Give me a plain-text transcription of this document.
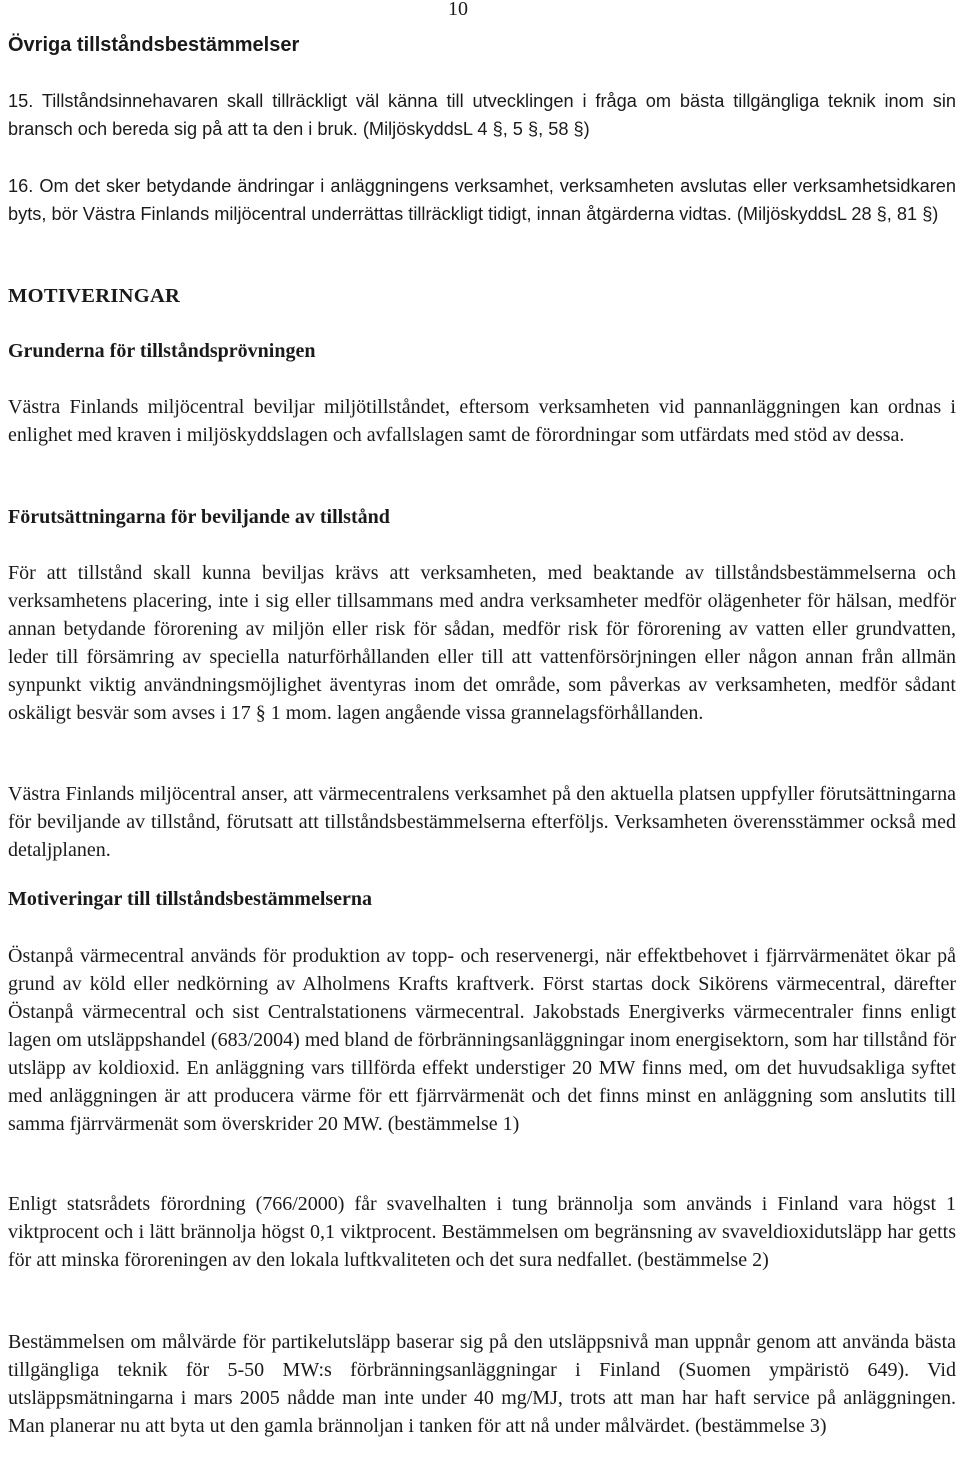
10
Övriga tillståndsbestämmelser
15. Tillståndsinnehavaren skall tillräckligt väl känna till utvecklingen i fråga om bästa tillgängliga teknik inom sin bransch och bereda sig på att ta den i bruk. (MiljöskyddsL 4 §, 5 §, 58 §)
16. Om det sker betydande ändringar i anläggningens verksamhet, verksamheten avslutas eller verksamhetsidkaren byts, bör Västra Finlands miljöcentral underrättas tillräckligt tidigt, innan åtgärderna vidtas. (MiljöskyddsL 28 §, 81 §)
MOTIVERINGAR
Grunderna för tillståndsprövningen
Västra Finlands miljöcentral beviljar miljötillståndet, eftersom verksamheten vid pannanläggningen kan ordnas i enlighet med kraven i miljöskyddslagen och avfallslagen samt de förordningar som utfärdats med stöd av dessa.
Förutsättningarna för beviljande av tillstånd
För att tillstånd skall kunna beviljas krävs att verksamheten, med beaktande av tillståndsbestämmelserna och verksamhetens placering, inte i sig eller tillsammans med andra verksamheter medför olägenheter för hälsan, medför annan betydande förorening av miljön eller risk för sådan, medför risk för förorening av vatten eller grundvatten, leder till försämring av speciella naturförhållanden eller till att vattenförsörjningen eller någon annan från allmän synpunkt viktig användningsmöjlighet äventyras inom det område, som påverkas av verksamheten, medför sådant oskäligt besvär som avses i 17 § 1 mom. lagen angående vissa grannelagsförhållanden.
Västra Finlands miljöcentral anser, att värmecentralens verksamhet på den aktuella platsen uppfyller förutsättningarna för beviljande av tillstånd, förutsatt att tillståndsbestämmelserna efterföljs. Verksamheten överensstämmer också med detaljplanen.
Motiveringar till tillståndsbestämmelserna
Östanpå värmecentral används för produktion av topp- och reservenergi, när effektbehovet i fjärrvärmenätet ökar på grund av köld eller nedkörning av Alholmens Krafts kraftverk. Först startas dock Sikörens värmecentral, därefter Östanpå värmecentral och sist Centralstationens värmecentral. Jakobstads Energiverks värmecentraler finns enligt lagen om utsläppshandel (683/2004) med bland de förbränningsanläggningar inom energisektorn, som har tillstånd för utsläpp av koldioxid. En anläggning vars tillförda effekt understiger 20 MW finns med, om det huvudsakliga syftet med anläggningen är att producera värme för ett fjärrvärmenät och det finns minst en anläggning som anslutits till samma fjärrvärmenät som överskrider 20 MW. (bestämmelse 1)
Enligt statsrådets förordning (766/2000) får svavelhalten i tung brännolja som används i Finland vara högst 1 viktprocent och i lätt brännolja högst 0,1 viktprocent. Bestämmelsen om begränsning av svaveldioxidutsläpp har getts för att minska föroreningen av den lokala luftkvaliteten och det sura nedfallet. (bestämmelse 2)
Bestämmelsen om målvärde för partikelutsläpp baserar sig på den utsläppsnivå man uppnår genom att använda bästa tillgängliga teknik för 5-50 MW:s förbränningsanläggningar i Finland (Suomen ympäristö 649). Vid utsläppsmätningarna i mars 2005 nådde man inte under 40 mg/MJ, trots att man har haft service på anläggningen. Man planerar nu att byta ut den gamla brännoljan i tanken för att nå under målvärdet. (bestämmelse 3)
